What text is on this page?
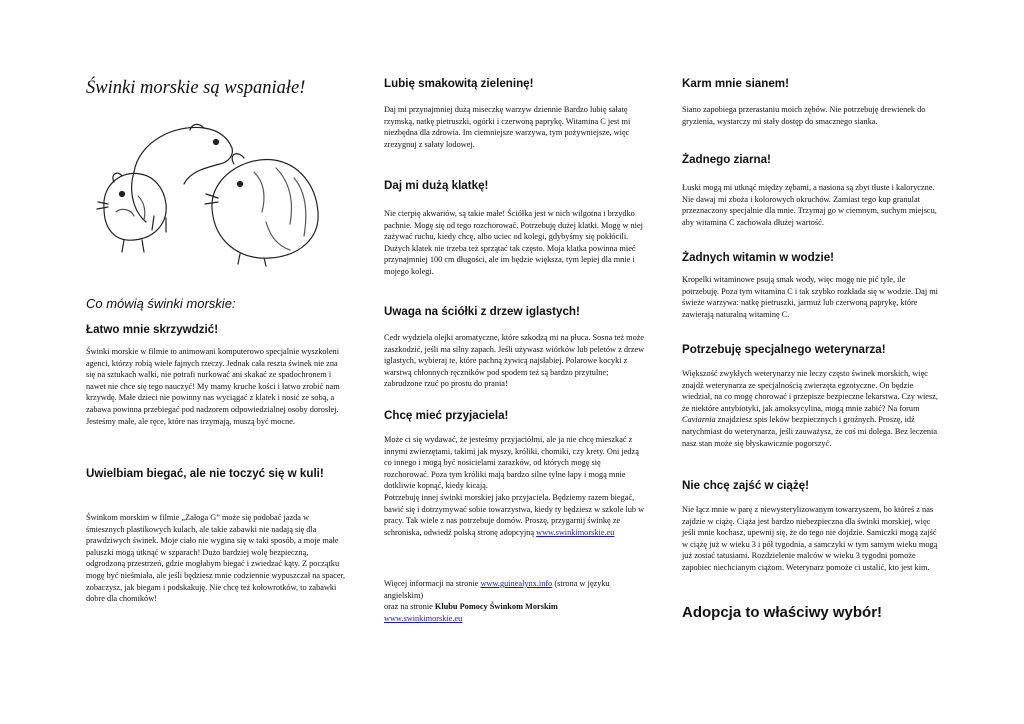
Świnki morskie są wspaniałe!

Co mówią świnki morskie:

Łatwo mnie skrzywdzić!

Świnki morskie w filmie to animowani komputerowo specjalnie wyszkoleni agenci, którzy robią wiele fajnych rzeczy. Jednak cała reszta świnek nie zna się na sztukach walki, nie potrafi nurkować ani skakać ze spadochronem i nawet nie chce się tego nauczyć! My mamy kruche kości i łatwo zrobić nam krzywdę. Małe dzieci nie powinny nas wyciągać z klatek i nosić ze sobą, a zabawa powinna przebiegać pod nadzorem odpowiedzialnej osoby dorosłej. Jesteśmy małe, ale ręce, które nas trzymają, muszą być mocne.

Uwielbiam biegać, ale nie toczyć się w kuli!

Świnkom morskim w filmie „Załoga G” może się podobać jazda w śmiesznych plastikowych kulach, ale takie zabawki nie nadają się dla prawdziwych świnek. Moje ciało nie wygina się w taki sposób, a moje małe paluszki mogą utknąć w szparach! Dużo bardziej wolę bezpieczną, odgrodzoną przestrzeń, gdzie mogłabym biegać i zwiedzać kąty. Z początku mogę być nieśmiała, ale jeśli będziesz mnie codziennie wypuszczał na spacer, zobaczysz, jak biegam i podskakuję. Nie chcę też kołowrotków, to zabawki dobre dla chomików!

Lubię smakowitą zieleninę!

Daj mi przynajmniej dużą miseczkę warzyw dziennie Bardzo lubię sałatę rzymską, natkę pietruszki, ogórki i czerwoną paprykę. Witamina C jest mi niezbędna dla zdrowia. Im ciemniejsze warzywa, tym pożywniejsze, więc zrezygnuj z sałaty lodowej.

Daj mi dużą klatkę!

Nie cierpię akwariów, są takie małe! Ściółka jest w nich wilgotna i brzydko pachnie. Mogę się od tego rozchorować. Potrzebuję dużej klatki. Mogę w niej zażywać ruchu, kiedy chcę, albo uciec od kolegi, gdybyśmy się pokłócili. Dużych klatek nie trzeba też sprzątać tak często. Moja klatka powinna mieć przynajmniej 100 cm długości, ale im będzie większa, tym lepiej dla mnie i mojego kolegi.

Uwaga na ściółki z drzew iglastych!

Cedr wydziela olejki aromatyczne, które szkodzą mi na płuca. Sosna też może zaszkodzić, jeśli ma silny zapach. Jeśli używasz wiórków lub peletów z drzew iglastych, wybieraj te, które pachną żywicą najsłabiej. Polarowe kocyki z warstwą chłonnych ręczników pod spodem też są bardzo przytulne; zabrudzone rzuć po prostu do prania!

Chcę mieć przyjaciela!

Może ci się wydawać, że jesteśmy przyjaciółmi, ale ja nie chcę mieszkać z innymi zwierzętami, takimi jak myszy, króliki, chomiki, czy krety. Oni jedzą co innego i mogą być nosicielami zarazków, od których mogę się rozchorować. Poza tym króliki mają bardzo silne tylne łapy i mogą mnie dotkliwie kopnąć, kiedy kicają.
Potrzebuję innej świnki morskiej jako przyjaciela. Będziemy razem biegać, bawić się i dotrzymywać sobie towarzystwa, kiedy ty będziesz w szkole lub w pracy. Tak wiele z nas potrzebuje domów. Proszę, przygarnij świnkę ze schroniska, odwiedź polską stronę adopcyjną www.swinkimorskie.eu

Więcej informacji na stronie www.guinealynx.info (strona w języku angielskim)
oraz na stronie Klubu Pomocy Świnkom Morskim
www.swinkimorskie.eu

Karm mnie sianem!

Siano zapobiega przerastaniu moich zębów. Nie potrzebuję drewienek do gryzienia, wystarczy mi stały dostęp do smacznego sianka.

Żadnego ziarna!

Łuski mogą mi utknąć między zębami, a nasiona są zbyt tłuste i kaloryczne. Nie dawaj mi zboża i kolorowych okruchów. Zamiast tego kup granulat przeznaczony specjalnie dla mnie. Trzymaj go w ciemnym, suchym miejscu, aby witamina C zachowała dłużej wartość.

Żadnych witamin w wodzie!

Kropelki witaminowe psują smak wody, więc mogę nie pić tyle, ile potrzebuję. Poza tym witamina C i tak szybko rozkłada się w wodzie. Daj mi świeże warzywa: natkę pietruszki, jarmuż lub czerwoną paprykę, które zawierają naturalną witaminę C.

Potrzebuję specjalnego weterynarza!

Większość zwykłych weterynarzy nie leczy często świnek morskich, więc znajdź weterynarza ze specjalnością zwierzęta egzotyczne. On będzie wiedział, na co mogę chorować i przepisze bezpieczne lekarstwa. Czy wiesz, że niektóre antybiotyki, jak amoksycylina, mogą mnie zabić? Na forum Caviarnia znajdziesz spis leków bezpiecznych i groźnych. Proszę, idź natychmiast do weterynarza, jeśli zauważysz, że coś mi dolega. Bez leczenia nasz stan może się błyskawicznie pogorszyć.

Nie chcę zajść w ciążę!

Nie łącz mnie w parę z niewysterylizowanym towarzyszem, bo któreś z nas zajdzie w ciążę. Ciąża jest bardzo niebezpieczna dla świnki morskiej, więc jeśli mnie kochasz, upewnij się, że do tego nie dojdzie. Samiczki mogą zajść w ciążę już w wieku 3 i pół tygodnia, a samczyki w tym samym wieku mogą już zostać tatusiami. Rozdzielenie malców w wieku 3 tygodni pomoże zapobiec niechcianym ciążom. Weterynarz pomoże ci ustalić, kto jest kim.

Adopcja to właściwy wybór!
